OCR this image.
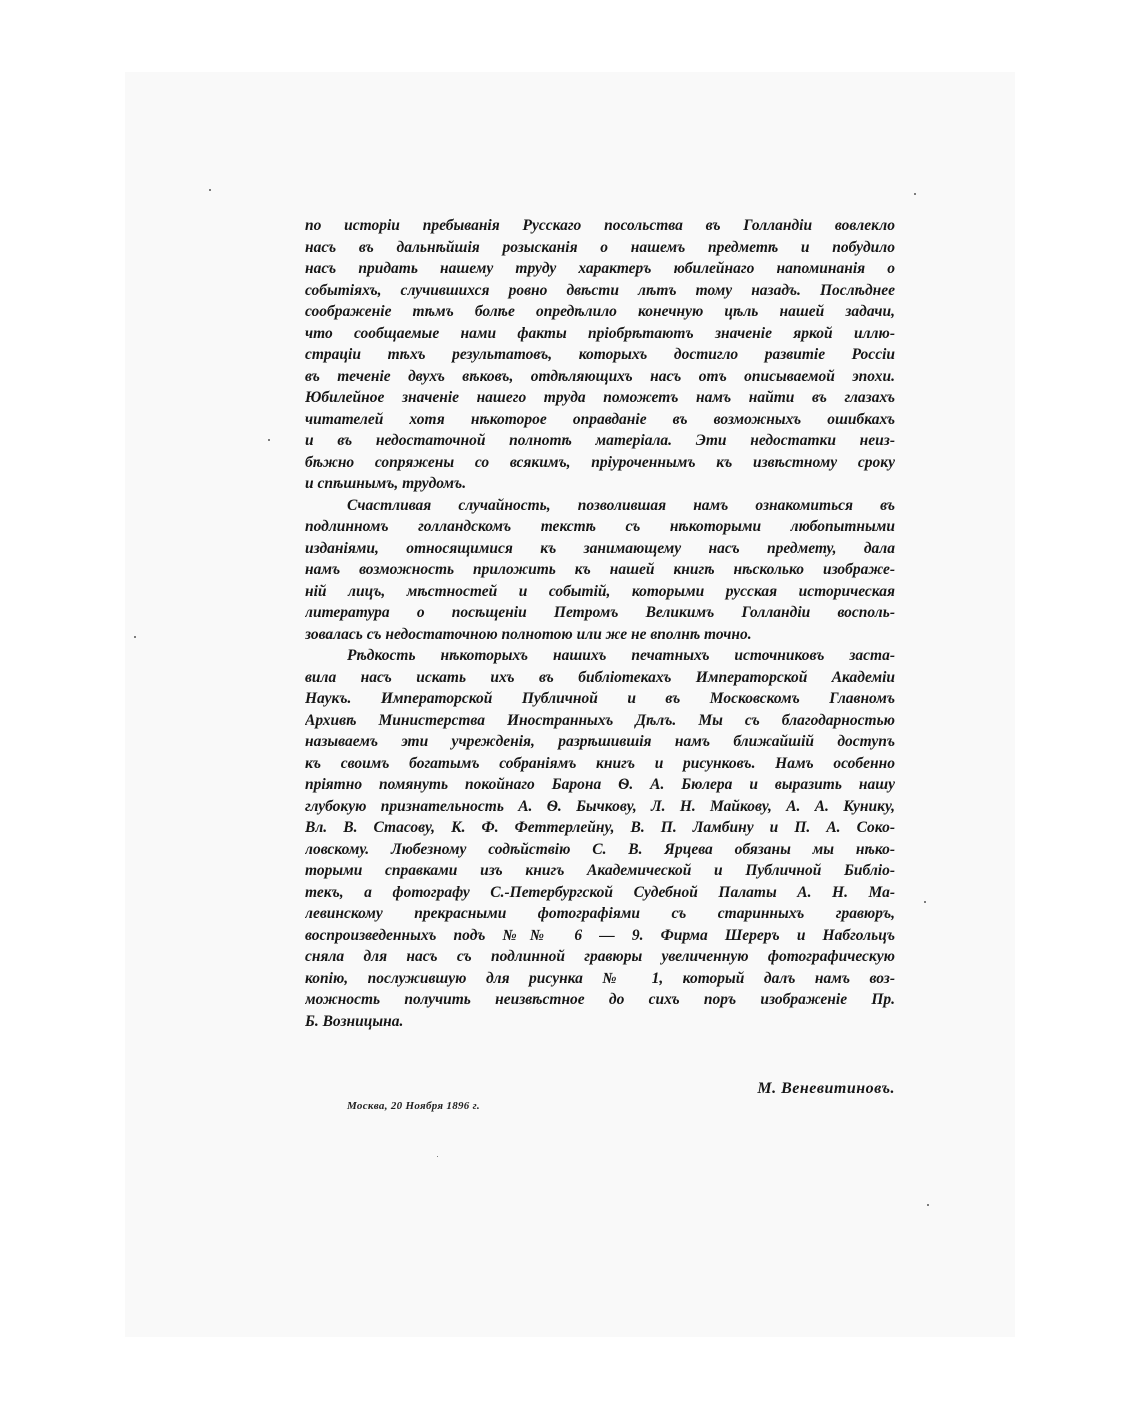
по исторiи пребыванiя Русскаго посольства въ Голландiи вовлекло
насъ въ дальнѣйшiя розысканiя о нашемъ предметѣ и побудило
насъ придать нашему труду характеръ юбилейнаго напоминанiя о
событiяхъ, случившихся ровно двѣсти лѣтъ тому назадъ. Послѣднее
соображенiе тѣмъ болѣе опредѣлило конечную цѣль нашей задачи,
что сообщаемые нами факты прiобрѣтаютъ значенiе яркой иллю-
страцiи тѣхъ результатовъ, которыхъ достигло развитiе Россiи
въ теченiе двухъ вѣковъ, отдѣляющихъ насъ отъ описываемой эпохи.
Юбилейное значенiе нашего труда поможетъ намъ найти въ глазахъ
читателей хотя нѣкоторое оправданiе въ возможныхъ ошибкахъ
и въ недостаточной полнотѣ матерiала. Эти недостатки неиз-
бѣжно сопряжены со всякимъ, прiуроченнымъ къ извѣстному сроку
и спѣшнымъ, трудомъ.
Счастливая случайность, позволившая намъ ознакомиться въ
подлинномъ голландскомъ текстѣ съ нѣкоторыми любопытными
изданiями, относящимися къ занимающему насъ предмету, дала
намъ возможность приложить къ нашей книгѣ нѣсколько изображе-
нiй лицъ, мѣстностей и событiй, которыми русская историческая
литература о посѣщенiи Петромъ Великимъ Голландiи восполь-
зовалась съ недостаточною полнотою или же не вполнѣ точно.
Рѣдкость нѣкоторыхъ нашихъ печатныхъ источниковъ застa-
вила насъ искать ихъ въ библiотекахъ Императорской Академiи
Наукъ. Императорской Публичной и въ Московскомъ Главномъ
Архивѣ Министерства Иностранныхъ Дѣлъ. Мы съ благодарностью
называемъ эти учрежденiя, разрѣшившiя намъ ближайшiй доступъ
къ своимъ богатымъ собранiямъ книгъ и рисунковъ. Намъ особенно
прiятно помянуть покойнаго Барона Ѳ. А. Бюлера и выразить нашу
глубокую признательность А. Ѳ. Бычкову, Л. Н. Майкову, А. А. Кунику,
Вл. В. Стасову, К. Ф. Феттерлейну, В. П. Ламбину и П. А. Соко-
ловскому. Любезному содѣйствiю С. В. Ярцева обязаны мы нѣко-
торыми справками изъ книгъ Академической и Публичной Библiо-
текъ, а фотографу С.-Петербургской Судебной Палаты А. Н. Ма-
левинскому прекрасными фотографiями съ старинныхъ гравюръ,
воспроизведенныхъ подъ №№ 6 — 9. Фирма Шереръ и Набгольцъ
сняла для насъ съ подлинной гравюры увеличенную фотографическую
копiю, послужившую для рисунка № 1, который далъ намъ воз-
можность получить неизвѣстное до сихъ поръ изображенiе Пр.
Б. Возницына.
М. Веневитиновъ.
Москва, 20 Ноября 1896 г.
